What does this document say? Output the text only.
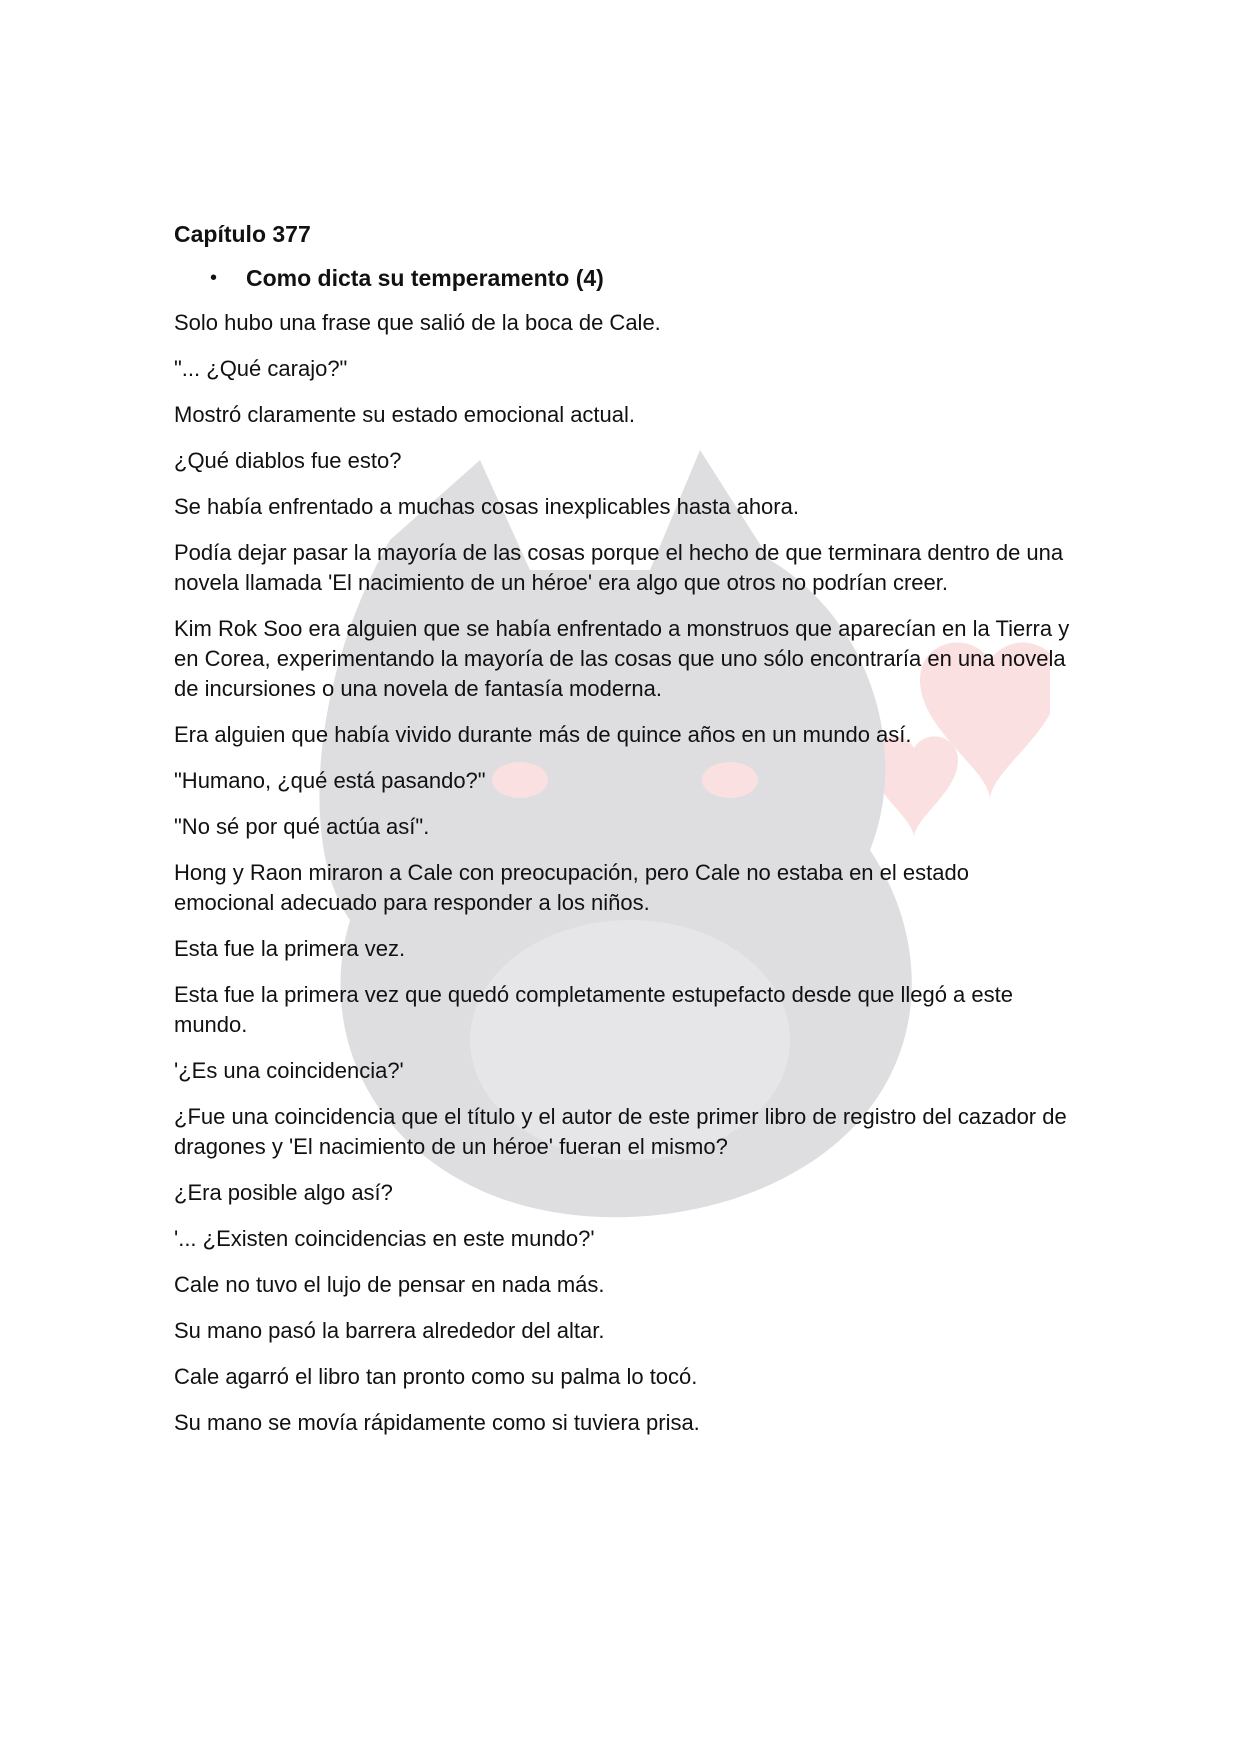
Capítulo 377
•	Como dicta su temperamento (4)

Solo hubo una frase que salió de la boca de Cale.

"... ¿Qué carajo?"

Mostró claramente su estado emocional actual.

¿Qué diablos fue esto?

Se había enfrentado a muchas cosas inexplicables hasta ahora.

Podía dejar pasar la mayoría de las cosas porque el hecho de que terminara dentro de una novela llamada 'El nacimiento de un héroe' era algo que otros no podrían creer.

Kim Rok Soo era alguien que se había enfrentado a monstruos que aparecían en la Tierra y en Corea, experimentando la mayoría de las cosas que uno sólo encontraría en una novela de incursiones o una novela de fantasía moderna.

Era alguien que había vivido durante más de quince años en un mundo así.

"Humano, ¿qué está pasando?"

"No sé por qué actúa así".

Hong y Raon miraron a Cale con preocupación, pero Cale no estaba en el estado emocional adecuado para responder a los niños.

Esta fue la primera vez.

Esta fue la primera vez que quedó completamente estupefacto desde que llegó a este mundo.

'¿Es una coincidencia?'

¿Fue una coincidencia que el título y el autor de este primer libro de registro del cazador de dragones y 'El nacimiento de un héroe' fueran el mismo?

¿Era posible algo así?

'... ¿Existen coincidencias en este mundo?'

Cale no tuvo el lujo de pensar en nada más.

Su mano pasó la barrera alrededor del altar.

Cale agarró el libro tan pronto como su palma lo tocó.

Su mano se movía rápidamente como si tuviera prisa.
